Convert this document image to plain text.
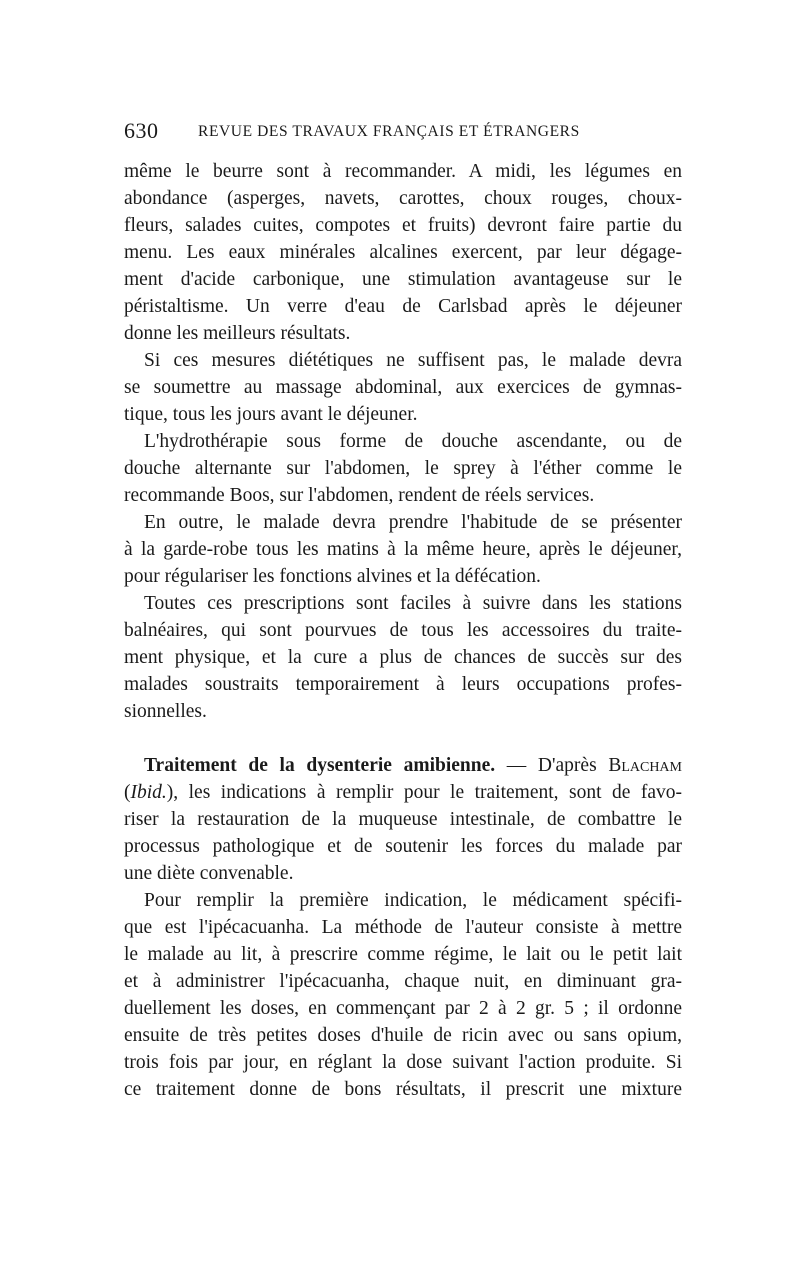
630	REVUE DES TRAVAUX FRANÇAIS ET ÉTRANGERS
même le beurre sont à recommander. A midi, les légumes en
abondance (asperges, navets, carottes, choux rouges, choux-
fleurs, salades cuites, compotes et fruits) devront faire partie du
menu. Les eaux minérales alcalines exercent, par leur dégage-
ment d'acide carbonique, une stimulation avantageuse sur le
péristaltisme. Un verre d'eau de Carlsbad après le déjeuner
donne les meilleurs résultats.
Si ces mesures diététiques ne suffisent pas, le malade devra
se soumettre au massage abdominal, aux exercices de gymnas-
tique, tous les jours avant le déjeuner.
L'hydrothérapie sous forme de douche ascendante, ou de
douche alternante sur l'abdomen, le sprey à l'éther comme le
recommande Boos, sur l'abdomen, rendent de réels services.
En outre, le malade devra prendre l'habitude de se présenter
à la garde-robe tous les matins à la même heure, après le déjeuner,
pour régulariser les fonctions alvines et la défécation.
Toutes ces prescriptions sont faciles à suivre dans les stations
balnéaires, qui sont pourvues de tous les accessoires du traite-
ment physique, et la cure a plus de chances de succès sur des
malades soustraits temporairement à leurs occupations profes-
sionnelles.
Traitement de la dysenterie amibienne. — D'après Blacham
(Ibid.), les indications à remplir pour le traitement, sont de favo-
riser la restauration de la muqueuse intestinale, de combattre le
processus pathologique et de soutenir les forces du malade par
une diète convenable.
Pour remplir la première indication, le médicament spécifi-
que est l'ipécacuanha. La méthode de l'auteur consiste à mettre
le malade au lit, à prescrire comme régime, le lait ou le petit lait
et à administrer l'ipécacuanha, chaque nuit, en diminuant gra-
duellement les doses, en commençant par 2 à 2 gr. 5 ; il ordonne
ensuite de très petites doses d'huile de ricin avec ou sans opium,
trois fois par jour, en réglant la dose suivant l'action produite. Si
ce traitement donne de bons résultats, il prescrit une mixture
